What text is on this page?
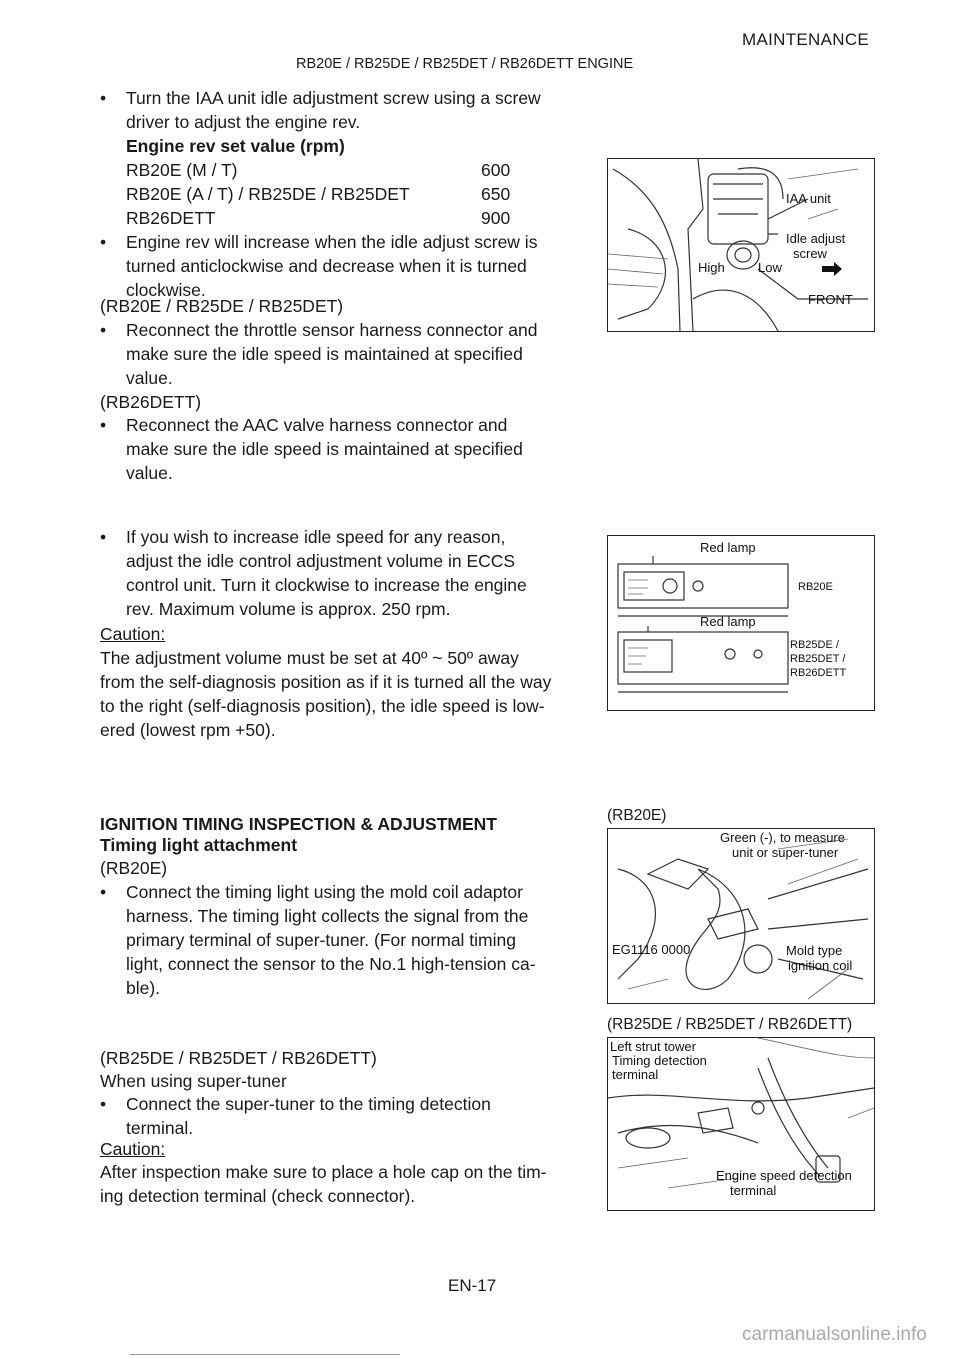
MAINTENANCE
RB20E / RB25DE / RB25DET / RB26DETT ENGINE
• Turn the IAA unit idle adjustment screw using a screw
driver to adjust the engine rev.
Engine rev set value (rpm)
RB20E (M / T)	600
RB20E (A / T) / RB25DE / RB25DET	650
RB26DETT	900
• Engine rev will increase when the idle adjust screw is
turned anticlockwise and decrease when it is turned
clockwise.
(RB20E / RB25DE / RB25DET)
• Reconnect the throttle sensor harness connector and
make sure the idle speed is maintained at specified
value.
(RB26DETT)
• Reconnect the AAC valve harness connector and
make sure the idle speed is maintained at specified
value.
IAA unit
Idle adjust
screw
High	Low
FRONT
• If you wish to increase idle speed for any reason,
adjust the idle control adjustment volume in ECCS
control unit. Turn it clockwise to increase the engine
rev. Maximum volume is approx. 250 rpm.
Caution:
The adjustment volume must be set at 40º ~ 50º away
from the self-diagnosis position as if it is turned all the way
to the right (self-diagnosis position), the idle speed is low-
ered (lowest rpm +50).
Red lamp
RB20E
Red lamp
RB25DE /
RB25DET /
RB26DETT
IGNITION TIMING INSPECTION & ADJUSTMENT
Timing light attachment
(RB20E)
• Connect the timing light using the mold coil adaptor
harness. The timing light collects the signal from the
primary terminal of super-tuner. (For normal timing
light, connect the sensor to the No.1 high-tension ca-
ble).
(RB25DE / RB25DET / RB26DETT)
When using super-tuner
• Connect the super-tuner to the timing detection
terminal.
Caution:
After inspection make sure to place a hole cap on the tim-
ing detection terminal (check connector).
(RB20E)
Green (-), to measure
unit or super-tuner
EG1116 0000	Mold type
ignition coil
(RB25DE / RB25DET / RB26DETT)
Left strut tower
Timing detection
terminal
Engine speed detection
terminal
EN-17
carmanualsonline.info
